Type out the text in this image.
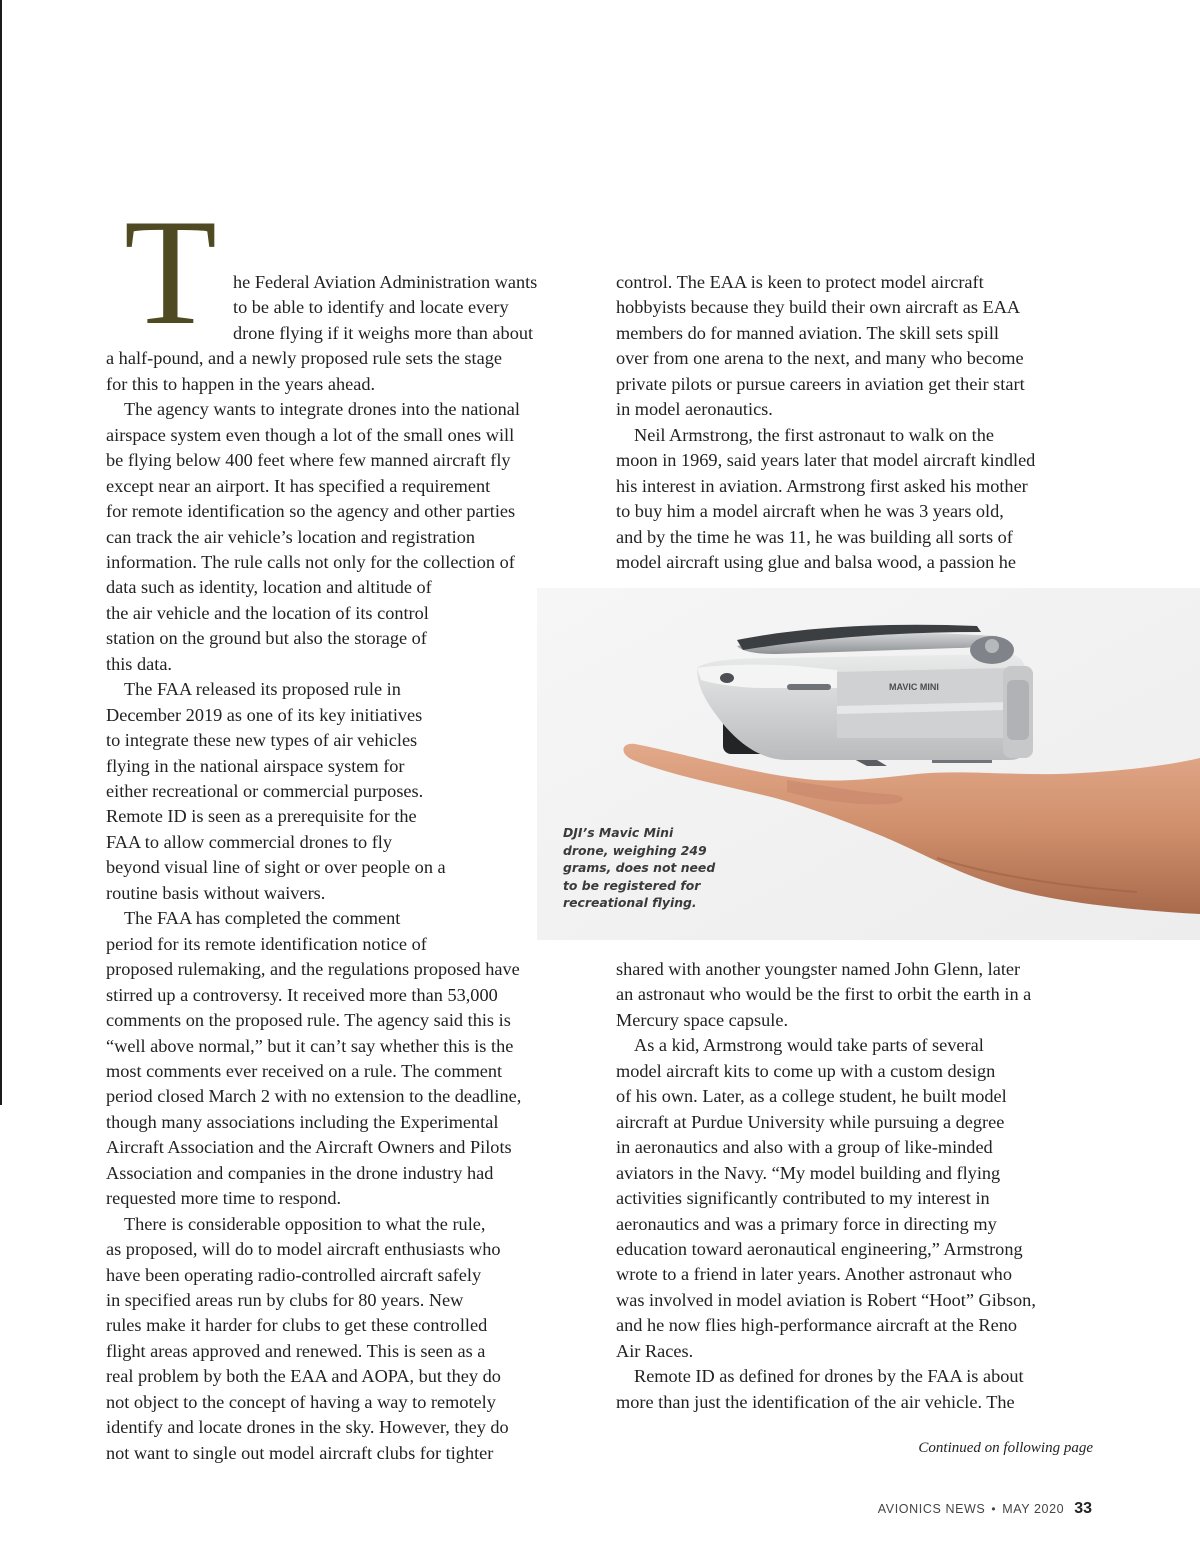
T he Federal Aviation Administration wants
to be able to identify and locate every
drone flying if it weighs more than about
a half-pound, and a newly proposed rule sets the stage
for this to happen in the years ahead.
The agency wants to integrate drones into the national
airspace system even though a lot of the small ones will
be flying below 400 feet where few manned aircraft fly
except near an airport. It has specified a requirement
for remote identification so the agency and other parties
can track the air vehicle’s location and registration
information. The rule calls not only for the collection of
data such as identity, location and altitude of
the air vehicle and the location of its control
station on the ground but also the storage of
this data.
The FAA released its proposed rule in
December 2019 as one of its key initiatives
to integrate these new types of air vehicles
flying in the national airspace system for
either recreational or commercial purposes.
Remote ID is seen as a prerequisite for the
FAA to allow commercial drones to fly
beyond visual line of sight or over people on a
routine basis without waivers.
The FAA has completed the comment
period for its remote identification notice of
proposed rulemaking, and the regulations proposed have
stirred up a controversy. It received more than 53,000
comments on the proposed rule. The agency said this is
“well above normal,” but it can’t say whether this is the
most comments ever received on a rule. The comment
period closed March 2 with no extension to the deadline,
though many associations including the Experimental
Aircraft Association and the Aircraft Owners and Pilots
Association and companies in the drone industry had
requested more time to respond.
There is considerable opposition to what the rule,
as proposed, will do to model aircraft enthusiasts who
have been operating radio-controlled aircraft safely
in specified areas run by clubs for 80 years. New
rules make it harder for clubs to get these controlled
flight areas approved and renewed. This is seen as a
real problem by both the EAA and AOPA, but they do
not object to the concept of having a way to remotely
identify and locate drones in the sky. However, they do
not want to single out model aircraft clubs for tighter
control. The EAA is keen to protect model aircraft
hobbyists because they build their own aircraft as EAA
members do for manned aviation. The skill sets spill
over from one arena to the next, and many who become
private pilots or pursue careers in aviation get their start
in model aeronautics.
Neil Armstrong, the first astronaut to walk on the
moon in 1969, said years later that model aircraft kindled
his interest in aviation. Armstrong first asked his mother
to buy him a model aircraft when he was 3 years old,
and by the time he was 11, he was building all sorts of
model aircraft using glue and balsa wood, a passion he
shared with another youngster named John Glenn, later
an astronaut who would be the first to orbit the earth in a
Mercury space capsule.
As a kid, Armstrong would take parts of several
model aircraft kits to come up with a custom design
of his own. Later, as a college student, he built model
aircraft at Purdue University while pursuing a degree
in aeronautics and also with a group of like-minded
aviators in the Navy. “My model building and flying
activities significantly contributed to my interest in
aeronautics and was a primary force in directing my
education toward aeronautical engineering,” Armstrong
wrote to a friend in later years. Another astronaut who
was involved in model aviation is Robert “Hoot” Gibson,
and he now flies high-performance aircraft at the Reno
Air Races.
Remote ID as defined for drones by the FAA is about
more than just the identification of the air vehicle. The
MAVIC MINI
DJI’s Mavic Mini
drone, weighing 249
grams, does not need
to be registered for
recreational flying.
Continued on following page
AVIONICS NEWS • MAY 2020 33
